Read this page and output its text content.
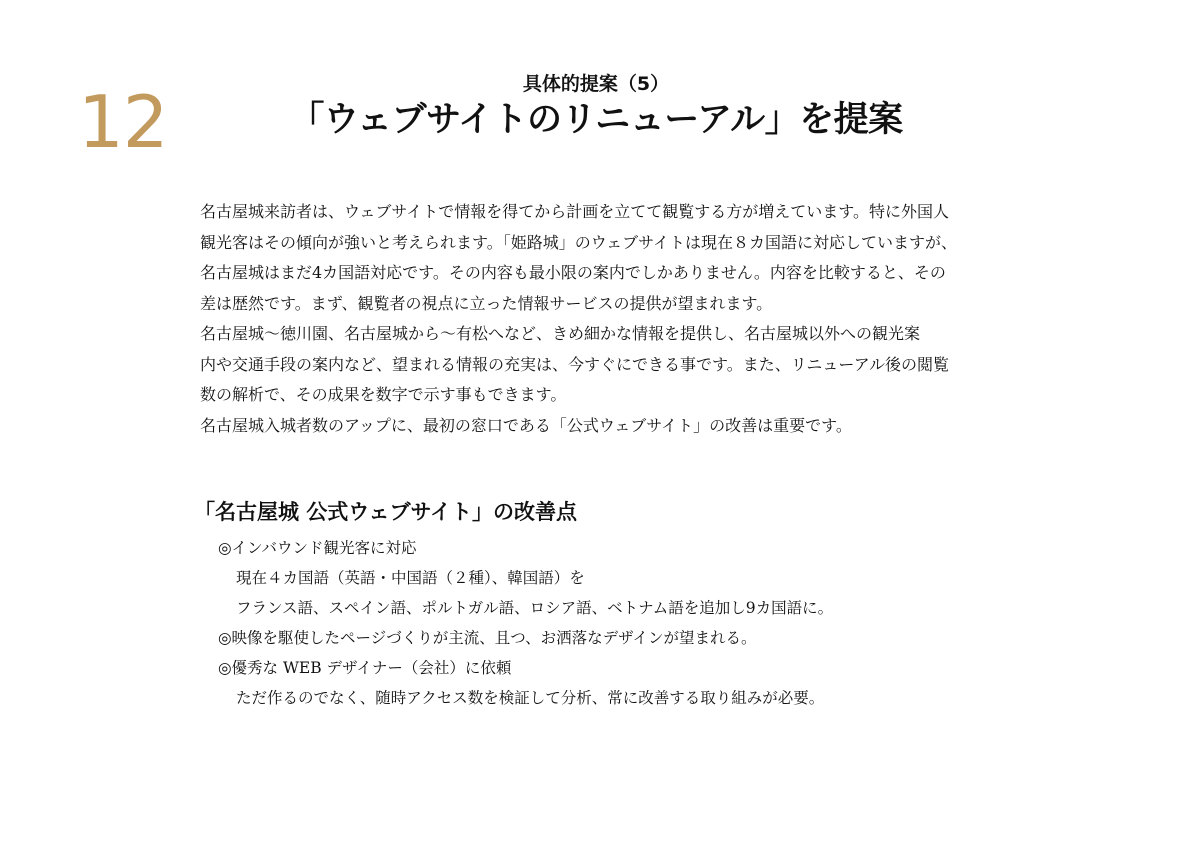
12	具体的提案（5）
「ウェブサイトのリニューアル」を提案

名古屋城来訪者は、ウェブサイトで情報を得てから計画を立てて観覧する方が増えています。特に外国人

観光客はその傾向が強いと考えられます。「姫路城」のウェブサイトは現在８カ国語に対応していますが、

名古屋城はまだ4カ国語対応です。その内容も最小限の案内でしかありません。内容を比較すると、その

差は歴然です。まず、観覧者の視点に立った情報サービスの提供が望まれます。

名古屋城〜徳川園、名古屋城から〜有松へなど、きめ細かな情報を提供し、名古屋城以外への観光案

内や交通手段の案内など、望まれる情報の充実は、今すぐにできる事です。また、リニューアル後の閲覧

数の解析で、その成果を数字で示す事もできます。

名古屋城入城者数のアップに、最初の窓口である「公式ウェブサイト」の改善は重要です。

「名古屋城 公式ウェブサイト」の改善点
◎インバウンド観光客に対応
現在４カ国語（英語・中国語（２種）、韓国語）を
フランス語、スペイン語、ポルトガル語、ロシア語、ベトナム語を追加し9カ国語に。
◎映像を駆使したページづくりが主流、且つ、お洒落なデザインが望まれる。
◎優秀な WEB デザイナー（会社）に依頼
ただ作るのでなく、随時アクセス数を検証して分析、常に改善する取り組みが必要。
